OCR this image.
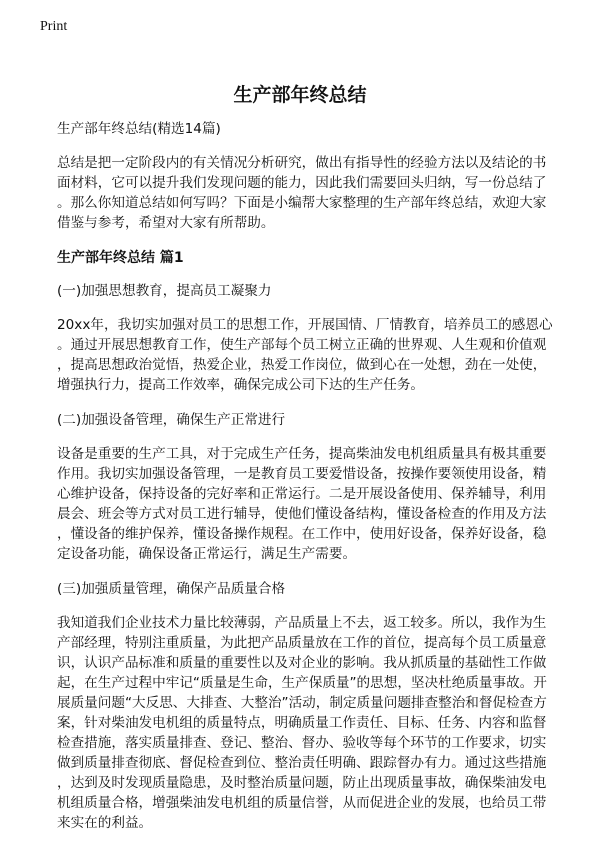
Print
生产部年终总结
生产部年终总结(精选14篇)

总结是把一定阶段内的有关情况分析研究，做出有指导性的经验方法以及结论的书
面材料，它可以提升我们发现问题的能力，因此我们需要回头归纳，写一份总结了
。那么你知道总结如何写吗？下面是小编帮大家整理的生产部年终总结，欢迎大家
借鉴与参考，希望对大家有所帮助。

生产部年终总结 篇1
(一)加强思想教育，提高员工凝聚力

20xx年，我切实加强对员工的思想工作，开展国情、厂情教育，培养员工的感恩心
。通过开展思想教育工作，使生产部每个员工树立正确的世界观、人生观和价值观
，提高思想政治觉悟，热爱企业，热爱工作岗位，做到心在一处想，劲在一处使，
增强执行力，提高工作效率，确保完成公司下达的生产任务。

(二)加强设备管理，确保生产正常进行

设备是重要的生产工具，对于完成生产任务，提高柴油发电机组质量具有极其重要
作用。我切实加强设备管理，一是教育员工要爱惜设备，按操作要领使用设备，精
心维护设备，保持设备的完好率和正常运行。二是开展设备使用、保养辅导，利用
晨会、班会等方式对员工进行辅导，使他们懂设备结构，懂设备检查的作用及方法
，懂设备的维护保养，懂设备操作规程。在工作中，使用好设备，保养好设备，稳
定设备功能，确保设备正常运行，满足生产需要。

(三)加强质量管理，确保产品质量合格

我知道我们企业技术力量比较薄弱，产品质量上不去，返工较多。所以，我作为生
产部经理，特别注重质量，为此把产品质量放在工作的首位，提高每个员工质量意
识，认识产品标准和质量的重要性以及对企业的影响。我从抓质量的基础性工作做
起，在生产过程中牢记“质量是生命，生产保质量”的思想，坚决杜绝质量事故。开
展质量问题“大反思、大排查、大整治”活动，制定质量问题排查整治和督促检查方
案，针对柴油发电机组的质量特点，明确质量工作责任、目标、任务、内容和监督
检查措施，落实质量排查、登记、整治、督办、验收等每个环节的工作要求，切实
做到质量排查彻底、督促检查到位、整治责任明确、跟踪督办有力。通过这些措施
，达到及时发现质量隐患，及时整治质量问题，防止出现质量事故，确保柴油发电
机组质量合格，增强柴油发电机组的质量信誉，从而促进企业的发展，也给员工带
来实在的利益。
